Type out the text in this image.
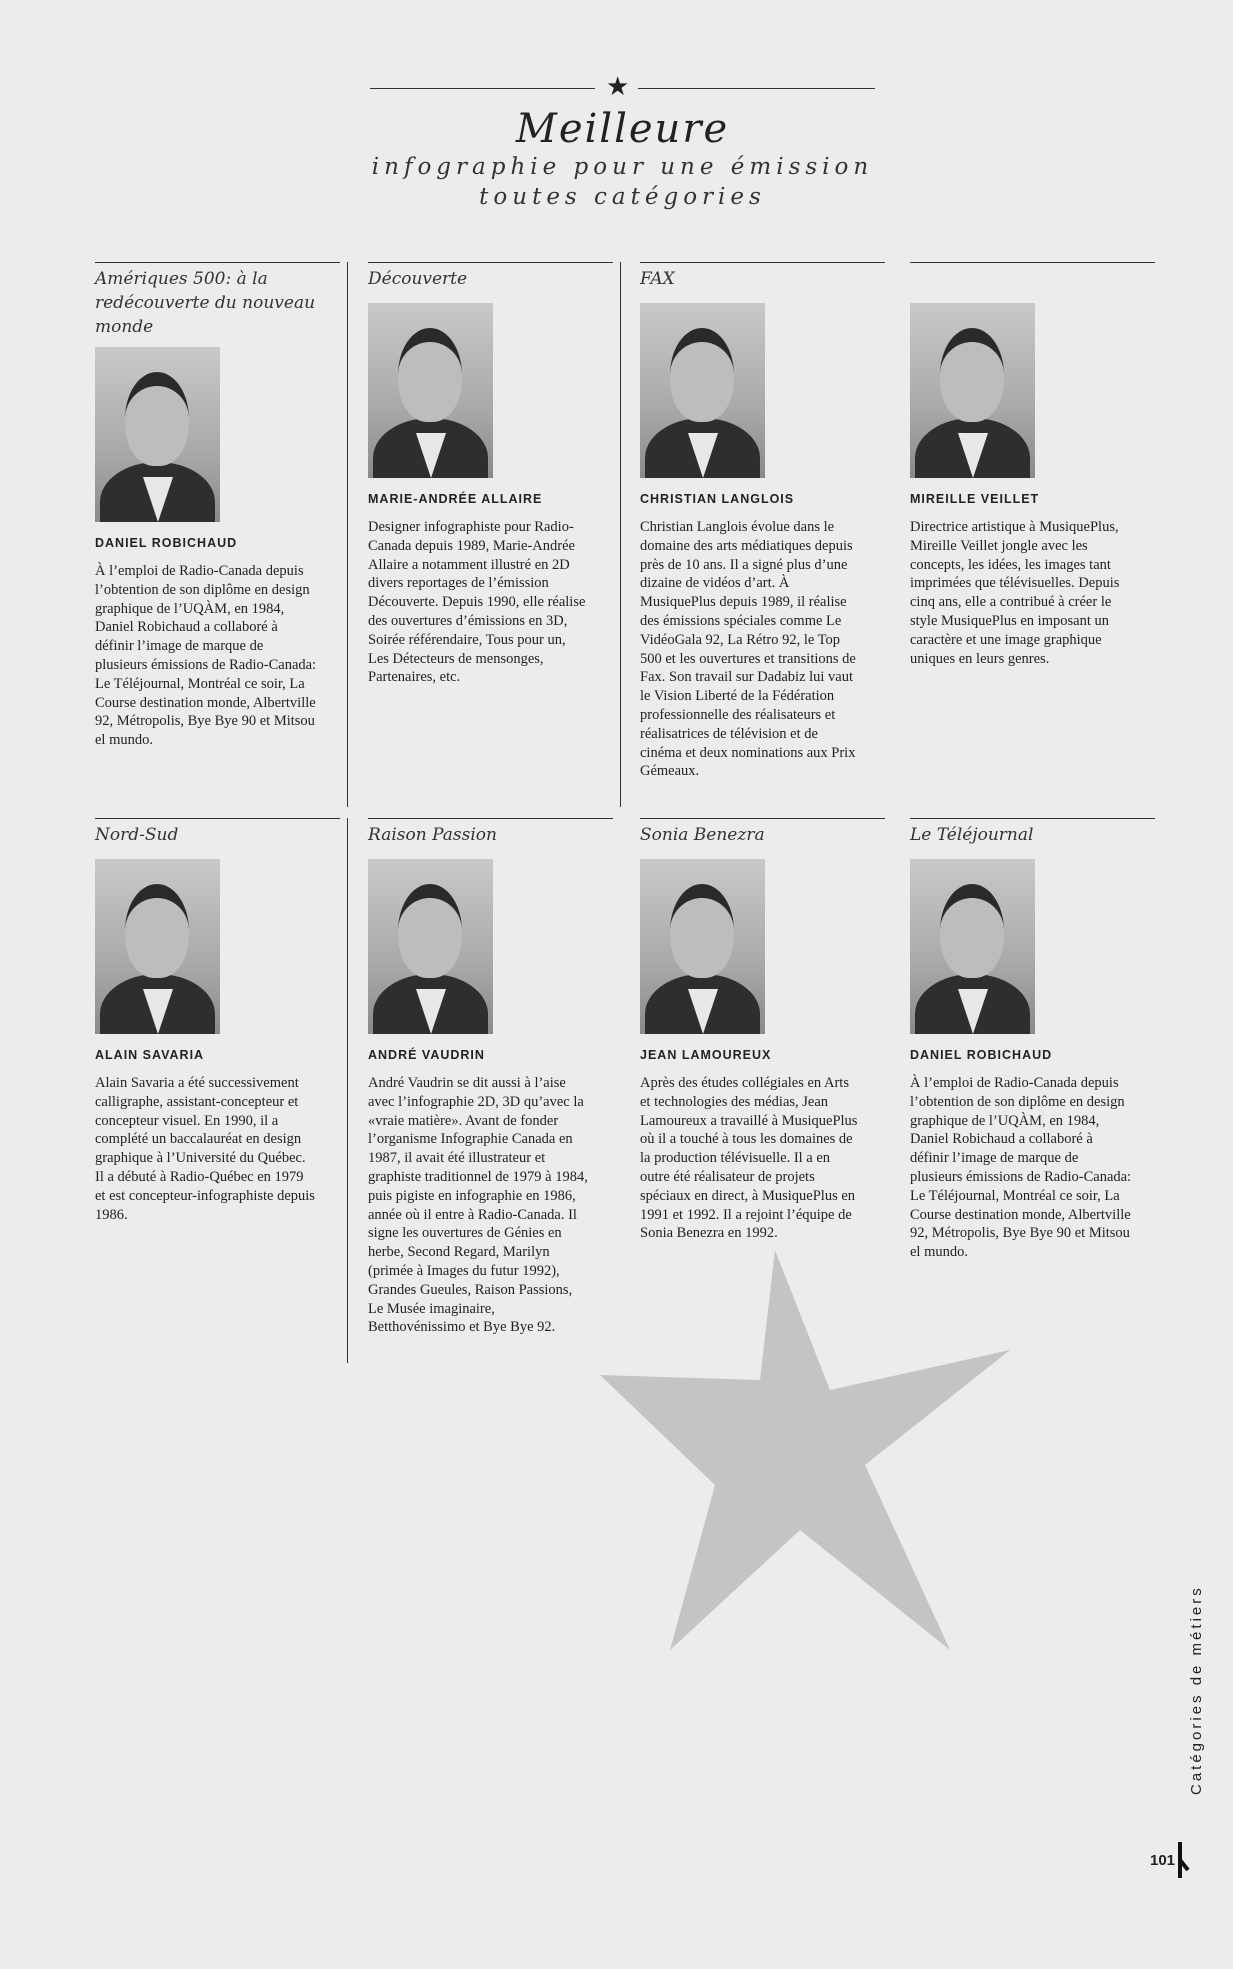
★
Meilleure
infographie pour une émission
toutes catégories
Amériques 500: à la redécouverte du nouveau monde
DANIEL ROBICHAUD
À l’emploi de Radio-Canada depuis l’obtention de son diplôme en design graphique de l’UQÀM, en 1984, Daniel Robichaud a collaboré à définir l’image de marque de plusieurs émissions de Radio-Canada: Le Téléjournal, Montréal ce soir, La Course destination monde, Albertville 92, Métropolis, Bye Bye 90 et Mitsou el mundo.
Découverte
MARIE-ANDRÉE ALLAIRE
Designer infographiste pour Radio-Canada depuis 1989, Marie-Andrée Allaire a notamment illustré en 2D divers reportages de l’émission Découverte. Depuis 1990, elle réalise des ouvertures d’émissions en 3D, Soirée référendaire, Tous pour un, Les Détecteurs de mensonges, Partenaires, etc.
FAX
CHRISTIAN LANGLOIS
Christian Langlois évolue dans le domaine des arts médiatiques depuis près de 10 ans. Il a signé plus d’une dizaine de vidéos d’art. À MusiquePlus depuis 1989, il réalise des émissions spéciales comme Le VidéoGala 92, La Rétro 92, le Top 500 et les ouvertures et transitions de Fax. Son travail sur Dadabiz lui vaut le Vision Liberté de la Fédération professionnelle des réalisateurs et réalisatrices de télévision et de cinéma et deux nominations aux Prix Gémeaux.
MIREILLE VEILLET
Directrice artistique à MusiquePlus, Mireille Veillet jongle avec les concepts, les idées, les images tant imprimées que télévisuelles. Depuis cinq ans, elle a contribué à créer le style MusiquePlus en imposant un caractère et une image graphique uniques en leurs genres.
Nord-Sud
ALAIN SAVARIA
Alain Savaria a été successivement calligraphe, assistant-concepteur et concepteur visuel. En 1990, il a complété un baccalauréat en design graphique à l’Université du Québec. Il a débuté à Radio-Québec en 1979 et est concepteur-infographiste depuis 1986.
Raison Passion
ANDRÉ VAUDRIN
André Vaudrin se dit aussi à l’aise avec l’infographie 2D, 3D qu’avec la «vraie matière». Avant de fonder l’organisme Infographie Canada en 1987, il avait été illustrateur et graphiste traditionnel de 1979 à 1984, puis pigiste en infographie en 1986, année où il entre à Radio-Canada. Il signe les ouvertures de Génies en herbe, Second Regard, Marilyn (primée à Images du futur 1992), Grandes Gueules, Raison Passions, Le Musée imaginaire, Betthovénissimo et Bye Bye 92.
Sonia Benezra
JEAN LAMOUREUX
Après des études collégiales en Arts et technologies des médias, Jean Lamoureux a travaillé à MusiquePlus où il a touché à tous les domaines de la production télévisuelle. Il a en outre été réalisateur de projets spéciaux en direct, à MusiquePlus en 1991 et 1992. Il a rejoint l’équipe de Sonia Benezra en 1992.
Le Téléjournal
DANIEL ROBICHAUD
À l’emploi de Radio-Canada depuis l’obtention de son diplôme en design graphique de l’UQÀM, en 1984, Daniel Robichaud a collaboré à définir l’image de marque de plusieurs émissions de Radio-Canada: Le Téléjournal, Montréal ce soir, La Course destination monde, Albertville 92, Métropolis, Bye Bye 90 et Mitsou el mundo.
Catégories de métiers
101
